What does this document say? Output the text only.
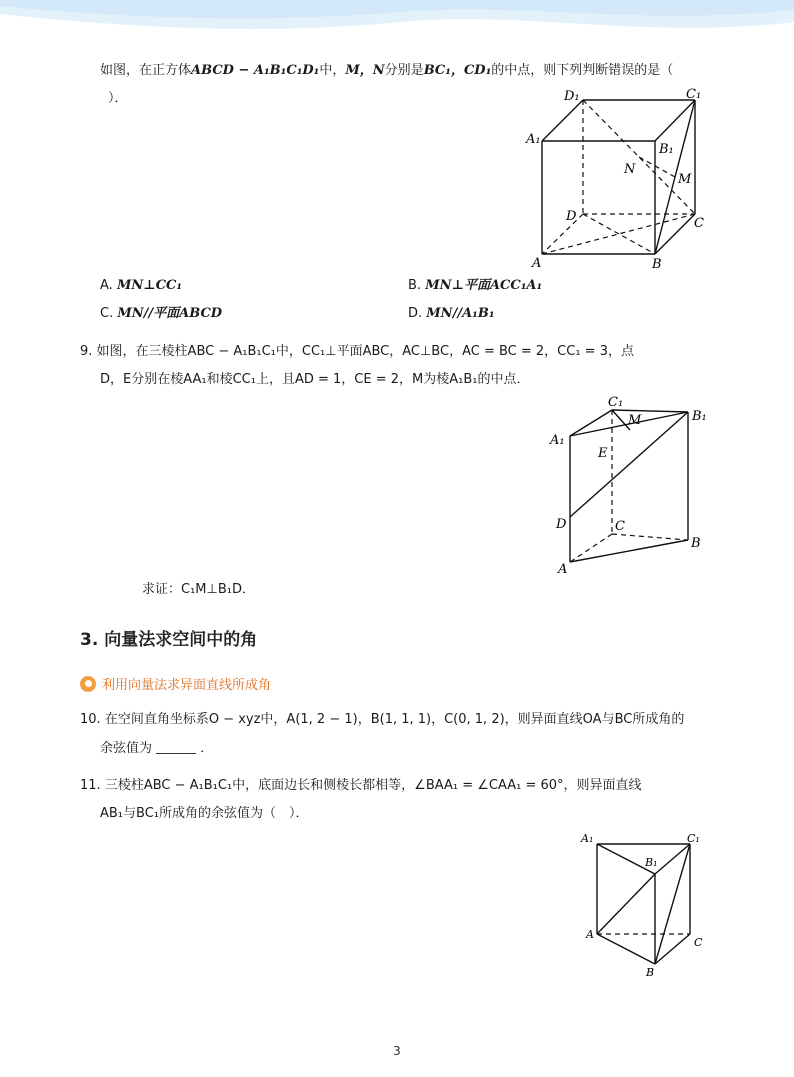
如图，在正方体ABCD − A₁B₁C₁D₁中，M，N分别是BC₁，CD₁的中点，则下列判断错误的是（
）．	D₁	C₁
A₁
B₁
N
M
D	C
A	B
A. MN⊥CC₁	B. MN⊥平面ACC₁A₁
C. MN//平面ABCD	D. MN//A₁B₁
9. 如图，在三棱柱ABC − A₁B₁C₁中，CC₁⊥平面ABC，AC⊥BC，AC = BC = 2，CC₁ = 3，点
D，E分别在棱AA₁和棱CC₁上，且AD = 1，CE = 2，M为棱A₁B₁的中点．
C₁
B₁
A₁
M
E
D	C
B
A
求证：C₁M⊥B₁D．
3. 向量法求空间中的角
利用向量法求异面直线所成角
10. 在空间直角坐标系O − xyz中，A(1, 2 − 1)，B(1, 1, 1)，C(0, 1, 2)，则异面直线OA与BC所成角的
余弦值为	．
11. 三棱柱ABC − A₁B₁C₁中，底面边长和侧棱长都相等，∠BAA₁ = ∠CAA₁ = 60°，则异面直线
AB₁与BC₁所成角的余弦值为（　）．
A₁	C₁
B₁
A
C
B
3
